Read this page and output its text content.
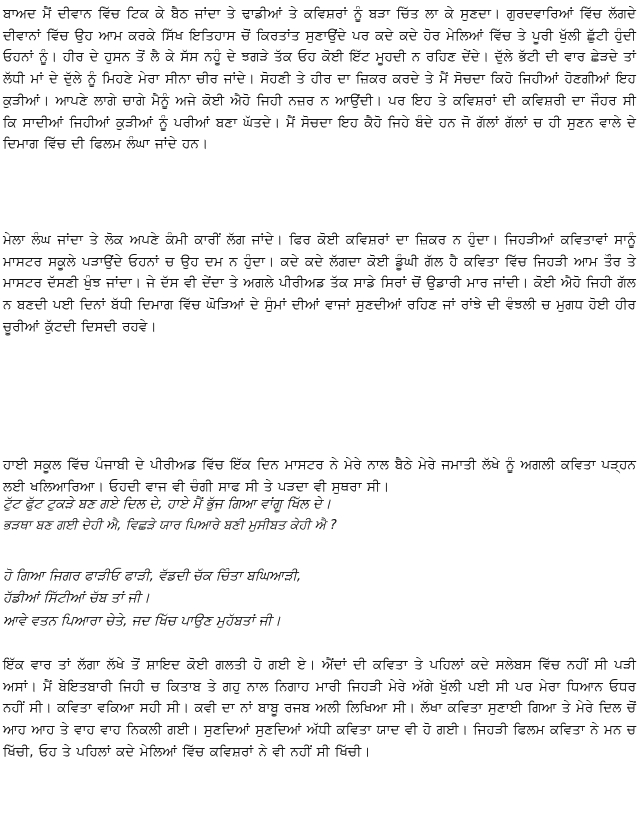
ਬਾਅਦ ਮੈਂ ਦੀਵਾਨ ਵਿੱਚ ਟਿਕ ਕੇ ਬੈਠ ਜਾਂਦਾ ਤੇ ਢਾਡੀਆਂ ਤੇ ਕਵਿਸ਼ਰਾਂ ਨੂੰ ਬੜਾ ਚਿੱਤ ਲਾ ਕੇ ਸੁਣਦਾ। ਗੁਰਦਵਾਰਿਆਂ ਵਿੱਚ ਲੱਗਦੇ ਦੀਵਾਨਾਂ ਵਿੱਚ ਉਹ ਆਮ ਕਰਕੇ ਸਿੱਖ ਇਤਿਹਾਸ ਚੋਂ ਕਿਰਤਾਂਤ ਸੁਣਾਉਂਦੇ ਪਰ ਕਦੇ ਕਦੇ ਹੋਰ ਮੇਲਿਆਂ ਵਿੱਚ ਤੇ ਪੂਰੀ ਖੁੱਲੀ ਛੁੱਟੀ ਹੁੰਦੀ ਓਹਨਾਂ ਨੂੰ। ਹੀਰ ਦੇ ਹੁਸਨ ਤੋਂ ਲੈ ਕੇ ਸੱਸ ਨਹੂੰ ਦੇ ਝਗੜੇ ਤੱਕ ਓਹ ਕੋਈ ਇੱਟ ਮੂਹਦੀ ਨ ਰਹਿਣ ਦੇਂਦੇ। ਦੁੱਲੇ ਭੱਟੀ ਦੀ ਵਾਰ ਛੇੜਦੇ ਤਾਂ ਲੱਧੀ ਮਾਂ ਦੇ ਦੁੱਲੇ ਨੂੰ ਮਿਹਣੇ ਮੇਰਾ ਸੀਨਾ ਚੀਰ ਜਾਂਦੇ। ਸੋਹਣੀ ਤੇ ਹੀਰ ਦਾ ਜ਼ਿਕਰ ਕਰਦੇ ਤੇ ਮੈਂ ਸੋਚਦਾ ਕਿਹੋ ਜਿਹੀਆਂ ਹੋਣਗੀਆਂ ਇਹ ਕੁੜੀਆਂ। ਆਪਣੇ ਲਾਗੇ ਚਾਗੇ ਮੈਨੂੰ ਅਜੇ ਕੋਈ ਐਹੋ ਜਿਹੀ ਨਜ਼ਰ ਨ ਆਉਂਦੀ। ਪਰ ਇਹ ਤੇ ਕਵਿਸ਼ਰਾਂ ਦੀ ਕਵਿਸ਼ਰੀ ਦਾ ਜੌਹਰ ਸੀ ਕਿ ਸਾਦੀਆਂ ਜਿਹੀਆਂ ਕੁੜੀਆਂ ਨੂੰ ਪਰੀਆਂ ਬਣਾ ਘੱਤਦੇ। ਮੈਂ ਸੋਚਦਾ ਇਹ ਕੈਹੋ ਜਿਹੇ ਬੰਦੇ ਹਨ ਜੋ ਗੱਲਾਂ ਗੱਲਾਂ ਚ ਹੀ ਸੁਣਨ ਵਾਲੇ ਦੇ ਦਿਮਾਗ ਵਿੱਚ ਦੀ ਫਿਲਮ ਲੰਘਾ ਜਾਂਦੇ ਹਨ।

ਮੇਲਾ ਲੰਘ ਜਾਂਦਾ ਤੇ ਲੋਕ ਅਪਣੇ ਕੰਮੀ ਕਾਰੀਂ ਲੱਗ ਜਾਂਦੇ। ਫਿਰ ਕੋਈ ਕਵਿਸ਼ਰਾਂ ਦਾ ਜ਼ਿਕਰ ਨ ਹੁੰਦਾ। ਜਿਹੜੀਆਂ ਕਵਿਤਾਵਾਂ ਸਾਨੂੰ ਮਾਸਟਰ ਸਕੂਲੇ ਪੜਾਉਂਦੇ ਓਹਨਾਂ ਚ ਉਹ ਦਮ ਨ ਹੁੰਦਾ। ਕਦੇ ਕਦੇ ਲੱਗਦਾ ਕੋਈ ਡੂੰਘੀ ਗੱਲ ਹੈ ਕਵਿਤਾ ਵਿੱਚ ਜਿਹੜੀ ਆਮ ਤੌਰ ਤੇ ਮਾਸਟਰ ਦੱਸਣੀ ਖੁੰਝ ਜਾਂਦਾ। ਜੇ ਦੱਸ ਵੀ ਦੇਂਦਾ ਤੇ ਅਗਲੇ ਪੀਰੀਅਡ ਤੱਕ ਸਾਡੇ ਸਿਰਾਂ ਚੋਂ ਉਡਾਰੀ ਮਾਰ ਜਾਂਦੀ। ਕੋਈ ਐਹੋ ਜਿਹੀ ਗੱਲ ਨ ਬਣਦੀ ਪਈ ਦਿਨਾਂ ਬੱਧੀ ਦਿਮਾਗ ਵਿੱਚ ਘੋੜਿਆਂ ਦੇ ਸੁੰਮਾਂ ਦੀਆਂ ਵਾਜਾਂ ਸੁਣਦੀਆਂ ਰਹਿਣ ਜਾਂ ਰਾਂਝੇ ਦੀ ਵੰਝਲੀ ਚ ਮੁਗਧ ਹੋਈ ਹੀਰ ਚੂਰੀਆਂ ਕੁੱਟਦੀ ਦਿਸਦੀ ਰਹਵੇ।

ਹਾਈ ਸਕੂਲ ਵਿੱਚ ਪੰਜਾਬੀ ਦੇ ਪੀਰੀਅਡ ਵਿੱਚ ਇੱਕ ਦਿਨ ਮਾਸਟਰ ਨੇ ਮੇਰੇ ਨਾਲ ਬੈਠੇ ਮੇਰੇ ਜਮਾਤੀ ਲੱਖੇ ਨੂੰ ਅਗਲੀ ਕਵਿਤਾ ਪੜ੍ਹਨ ਲਈ ਖਲਿਆਰਿਆ। ਓਹਦੀ ਵਾਜ ਵੀ ਚੰਗੀ ਸਾਫ ਸੀ ਤੇ ਪੜਦਾ ਵੀ ਸੁਥਰਾ ਸੀ।

ਟੁੱਟ ਫੁੱਟ ਟੁਕੜੇ ਬਣ ਗਏ ਦਿਲ ਦੇ, ਹਾਏ ਮੈਂ ਭੁੱਜ ਗਿਆ ਵਾਂਗੂ ਖਿੱਲ ਦੇ।

ਭੜਥਾ ਬਣ ਗਈ ਦੇਹੀ ਐ, ਵਿਛੜੇ ਯਾਰ ਪਿਆਰੇ ਬਣੀ ਮੁਸੀਬਤ ਕੇਹੀ ਐ ?

ਹੋ ਗਿਆ ਜਿਗਰ ਫਾੜੀਓ ਫਾੜੀ, ਵੱਡਦੀ ਚੱਕ ਚਿੰਤਾ ਬਘਿਆੜੀ,

ਹੱਡੀਆਂ ਸਿੱਟੀਆਂ ਚੱਬ ਤਾਂ ਜੀ।

ਆਵੇ ਵਤਨ ਪਿਆਰਾ ਚੇਤੇ, ਜਦ ਖਿੱਚ ਪਾਉਣ ਮੁਹੱਬਤਾਂ ਜੀ।

ਇੱਕ ਵਾਰ ਤਾਂ ਲੱਗਾ ਲੱਖੇ ਤੋਂ ਸ਼ਾਇਦ ਕੋਈ ਗਲਤੀ ਹੋ ਗਈ ਏ। ਐਂਦਾਂ ਦੀ ਕਵਿਤਾ ਤੇ ਪਹਿਲਾਂ ਕਦੇ ਸਲੇਬਸ ਵਿੱਚ ਨਹੀਂ ਸੀ ਪੜੀ ਅਸਾਂ। ਮੈਂ ਬੇਇਤਬਾਰੀ ਜਿਹੀ ਚ ਕਿਤਾਬ ਤੇ ਗਹੁ ਨਾਲ ਨਿਗਾਹ ਮਾਰੀ ਜਿਹੜੀ ਮੇਰੇ ਅੱਗੇ ਖੁੱਲੀ ਪਈ ਸੀ ਪਰ ਮੇਰਾ ਧਿਆਨ ਓਧਰ ਨਹੀਂ ਸੀ। ਕਵਿਤਾ ਵਕਿਆ ਸਹੀ ਸੀ। ਕਵੀ ਦਾ ਨਾਂ ਬਾਬੂ ਰਜਬ ਅਲੀ ਲਿਖਿਆ ਸੀ। ਲੱਖਾ ਕਵਿਤਾ ਸੁਣਾਈ ਗਿਆ ਤੇ ਮੇਰੇ ਦਿਲ ਚੋਂ ਆਹ ਆਹ ਤੇ ਵਾਹ ਵਾਹ ਨਿਕਲੀ ਗਈ। ਸੁਣਦਿਆਂ ਸੁਣਦਿਆਂ ਅੱਧੀ ਕਵਿਤਾ ਯਾਦ ਵੀ ਹੋ ਗਈ। ਜਿਹੜੀ ਫਿਲਮ ਕਵਿਤਾ ਨੇ ਮਨ ਚ ਖਿੱਚੀ, ਓਹ ਤੇ ਪਹਿਲਾਂ ਕਦੇ ਮੇਲਿਆਂ ਵਿੱਚ ਕਵਿਸ਼ਰਾਂ ਨੇ ਵੀ ਨਹੀਂ ਸੀ ਖਿੱਚੀ।
